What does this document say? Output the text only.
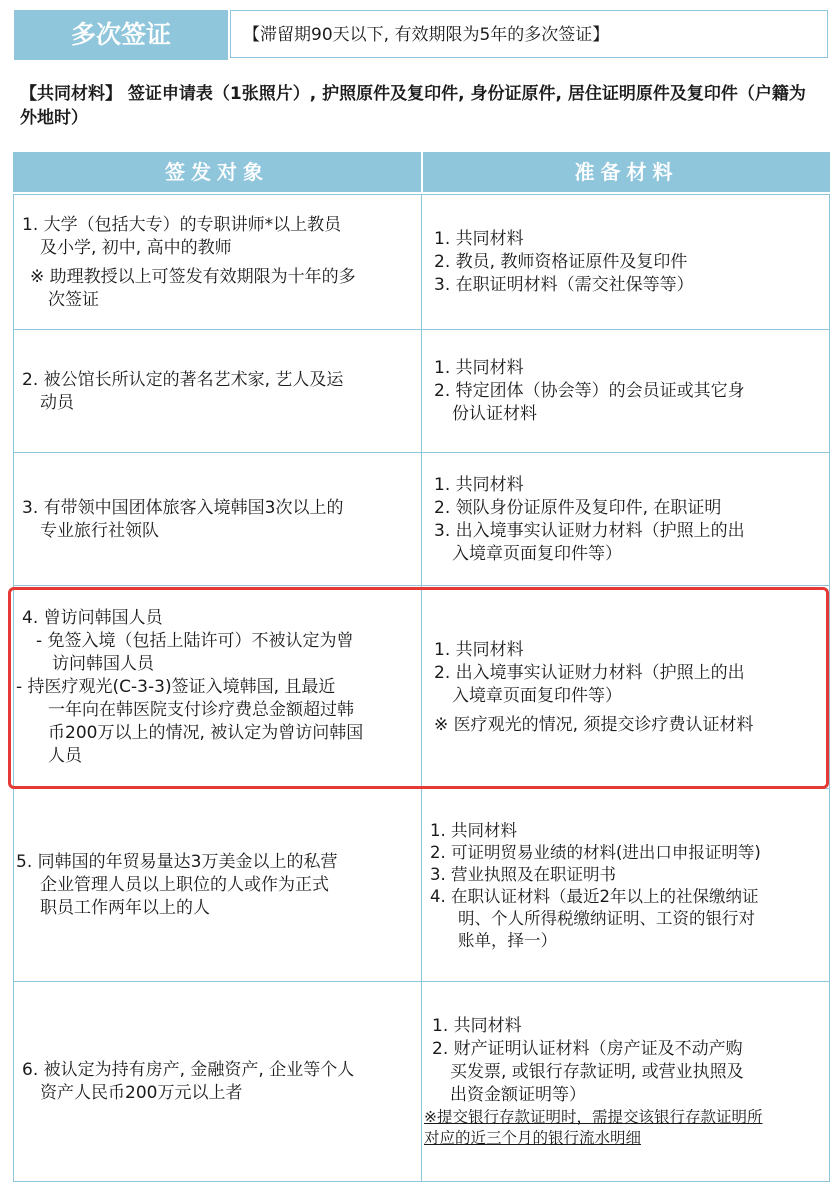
多次签证	【滞留期90天以下, 有效期限为5年的多次签证】
【共同材料】 签证申请表（1张照片）, 护照原件及复印件, 身份证原件, 居住证明原件及复印件（户籍为外地时）
签发对象	准备材料
1. 大学（包括大专）的专职讲师*以上教员
及小学, 初中, 高中的教师
※ 助理教授以上可签发有效期限为十年的多
次签证
1. 共同材料
2. 教员, 教师资格证原件及复印件
3. 在职证明材料（需交社保等等）
2. 被公馆长所认定的著名艺术家, 艺人及运
动员
1. 共同材料
2. 特定团体（协会等）的会员证或其它身
份认证材料
3. 有带领中国团体旅客入境韩国3次以上的
专业旅行社领队
1. 共同材料
2. 领队身份证原件及复印件, 在职证明
3. 出入境事实认证财力材料（护照上的出
入境章页面复印件等）
4. 曾访问韩国人员
- 免签入境（包括上陆许可）不被认定为曾
访问韩国人员
- 持医疗观光(C-3-3)签证入境韩国, 且最近
一年向在韩医院支付诊疗费总金额超过韩
币200万以上的情况, 被认定为曾访问韩国
人员
1. 共同材料
2. 出入境事实认证财力材料（护照上的出
入境章页面复印件等）
※ 医疗观光的情况, 须提交诊疗费认证材料
5. 同韩国的年贸易量达3万美金以上的私营
企业管理人员以上职位的人或作为正式
职员工作两年以上的人
1. 共同材料
2. 可证明贸易业绩的材料(进出口申报证明等)
3. 营业执照及在职证明书
4. 在职认证材料（最近2年以上的社保缴纳证
明、个人所得税缴纳证明、工资的银行对
账单，择一）
6. 被认定为持有房产, 金融资产, 企业等个人
资产人民币200万元以上者
1. 共同材料
2. 财产证明认证材料（房产证及不动产购
买发票, 或银行存款证明, 或营业执照及
出资金额证明等）
※提交银行存款证明时，需提交该银行存款证明所
对应的近三个月的银行流水明细
